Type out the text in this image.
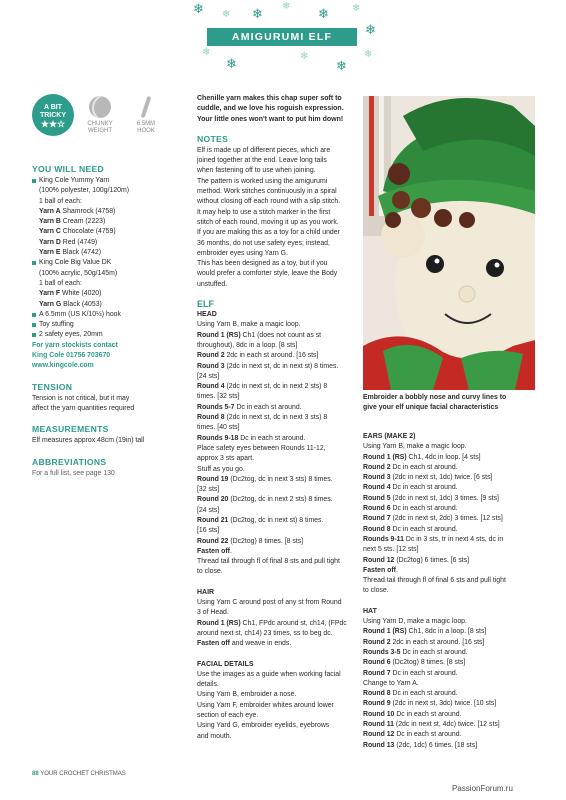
❄ ❄ ❄
❄
❄ ❄
❄
❄
❄
❄
❄
❄
AMIGURUMI ELF
A BIT
TRICKY
★★☆	CHUNKY
WEIGHT
6.5MM
HOOK
YOU WILL NEED
King Cole Yummy Yarn
(100% polyester, 100g/120m)
1 ball of each:
Yarn A Shamrock (4758)
Yarn B Cream (2223)
Yarn C Chocolate (4759)
Yarn D Red (4749)
Yarn E Black (4742)
King Cole Big Value DK
(100% acrylic, 50g/145m)
1 ball of each:
Yarn F White (4020)
Yarn G Black (4053)
A 6.5mm (US K/10½) hook
Toy stuffing
2 safety eyes, 20mm
For yarn stockists contact
King Cole 01756 703670
www.kingcole.com
TENSION
Tension is not critical, but it may
affect the yarn quantities required
MEASUREMENTS
Elf measures approx 48cm (19in) tall
ABBREVIATIONS
For a full list, see page 130
Chenille yarn makes this chap super soft to
cuddle, and we love his roguish expression.
Your little ones won't want to put him down!
NOTES
Elf is made up of different pieces, which are
joined together at the end. Leave long tails
when fastening off to use when joining.
The pattern is worked using the amigurumi
method. Work stitches continuously in a spiral
without closing off each round with a slip stitch.
It may help to use a stitch marker in the first
stitch of each round, moving it up as you work.
If you are making this as a toy for a child under
36 months, do not use safety eyes; instead,
embroider eyes using Yarn G.
This has been designed as a toy, but if you
would prefer a comforter style, leave the Body
unstuffed.
ELF
HEAD
Using Yarn B, make a magic loop.
Round 1 (RS) Ch1 (does not count as st
throughout), 8dc in a loop. [8 sts]
Round 2 2dc in each st around. [16 sts]
Round 3 (2dc in next st, dc in next st) 8 times.
[24 sts]
Round 4 (2dc in next st, dc in next 2 sts) 8
times. [32 sts]
Rounds 5-7 Dc in each st around.
Round 8 (2dc in next st, dc in next 3 sts) 8
times. [40 sts]
Rounds 9-18 Dc in each st around.
Place safety eyes between Rounds 11-12,
approx 3 sts apart.
Stuff as you go.
Round 19 (Dc2tog, dc in next 3 sts) 8 times.
[32 sts]
Round 20 (Dc2tog, dc in next 2 sts) 8 times.
[24 sts]
Round 21 (Dc2tog, dc in next st) 8 times.
[16 sts]
Round 22 (Dc2tog) 8 times. [8 sts]
Fasten off.
Thread tail through fl of final 8 sts and pull tight
to close.
HAIR
Using Yarn C around post of any st from Round
3 of Head.
Round 1 (RS) Ch1, FPdc around st, ch14, (FPdc
around next st, ch14) 23 times, ss to beg dc.
Fasten off and weave in ends.
FACIAL DETAILS
Use the images as a guide when working facial
details.
Using Yarn B, embroider a nose.
Using Yarn F, embroider whites around lower
section of each eye.
Using Yard G, embroider eyelids, eyebrows
and mouth.
Embroider a bobbly nose and curvy lines to
give your elf unique facial characteristics
EARS (MAKE 2)
Using Yarn B, make a magic loop.
Round 1 (RS) Ch1, 4dc in loop. [4 sts]
Round 2 Dc in each st around.
Round 3 (2dc in next st, 1dc) twice. [6 sts]
Round 4 Dc in each st around.
Round 5 (2dc in next st, 1dc) 3 times. [9 sts]
Round 6 Dc in each st around.
Round 7 (2dc in next st, 2dc) 3 times. [12 sts]
Round 8 Dc in each st around.
Rounds 9-11 Dc in 3 sts, tr in next 4 sts, dc in
next 5 sts. [12 sts]
Round 12 (Dc2tog) 6 times. [6 sts]
Fasten off.
Thread tail through fl of final 6 sts and pull tight
to close.
HAT
Using Yarn D, make a magic loop.
Round 1 (RS) Ch1, 8dc in a loop. [8 sts]
Round 2 2dc in each st around. [16 sts]
Rounds 3-5 Dc in each st around.
Round 6 (Dc2tog) 8 times. [8 sts]
Round 7 Dc in each st around.
Change to Yarn A.
Round 8 Dc in each st around.
Round 9 (2dc in next st, 3dc) twice. [10 sts]
Round 10 Dc in each st around.
Round 11 (2dc in next st, 4dc) twice. [12 sts]
Round 12 Dc in each st around.
Round 13 (2dc, 1dc) 6 times. [18 sts]
88 YOUR CROCHET CHRISTMAS
PassionForum.ru
